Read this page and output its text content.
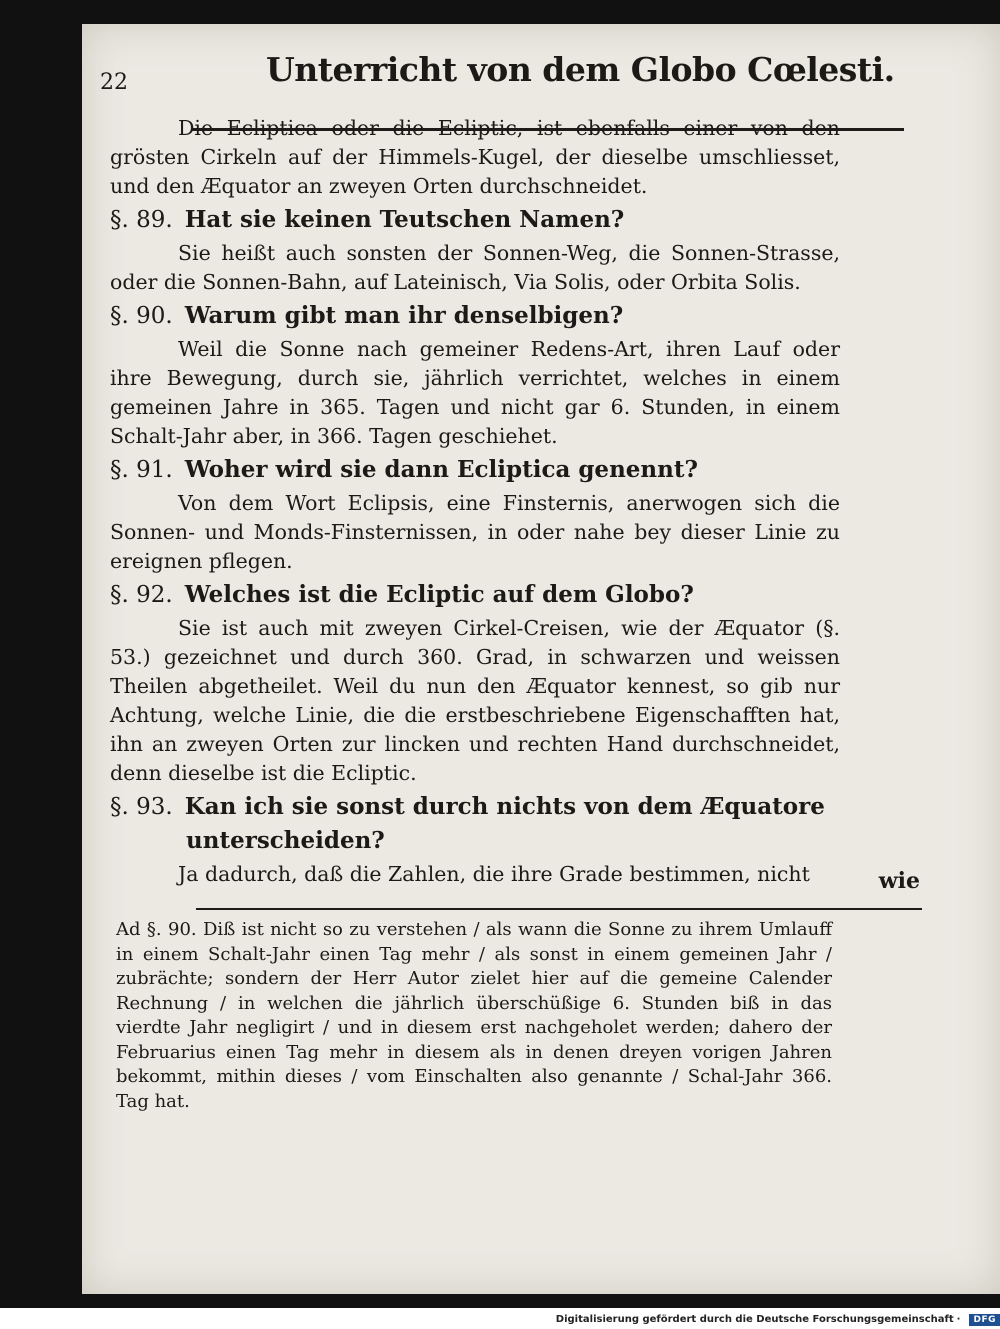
22	Unterricht von dem Globo Cœlesti.

Die Ecliptica oder die Ecliptic, ist ebenfalls einer von den grösten Cirkeln auf der Himmels-Kugel, der dieselbe umschliesset, und den Æquator an zweyen Orten durchschneidet.

§. 89. Hat sie keinen Teutschen Namen?

Sie heißt auch sonsten der Sonnen-Weg, die Sonnen-Strasse, oder die Sonnen-Bahn, auf Lateinisch, Via Solis, oder Orbita Solis.

§. 90. Warum gibt man ihr denselbigen?

Weil die Sonne nach gemeiner Redens-Art, ihren Lauf oder ihre Bewegung, durch sie, jährlich verrichtet, welches in einem gemeinen Jahre in 365. Tagen und nicht gar 6. Stunden, in einem Schalt-Jahr aber, in 366. Tagen geschiehet.

§. 91. Woher wird sie dann Ecliptica genennt?

Von dem Wort Eclipsis, eine Finsternis, anerwogen sich die Sonnen- und Monds-Finsternissen, in oder nahe bey dieser Linie zu ereignen pflegen.

§. 92. Welches ist die Ecliptic auf dem Globo?

Sie ist auch mit zweyen Cirkel-Creisen, wie der Æquator (§. 53.) gezeichnet und durch 360. Grad, in schwarzen und weissen Theilen abgetheilet. Weil du nun den Æquator kennest, so gib nur Achtung, welche Linie, die die erstbeschriebene Eigenschafften hat, ihn an zweyen Orten zur lincken und rechten Hand durchschneidet, denn dieselbe ist die Ecliptic.

§. 93. Kan ich sie sonst durch nichts von dem Æquatore unterscheiden?

Ja dadurch, daß die Zahlen, die ihre Grade bestimmen, nicht	wie
Ad §. 90. Diß ist nicht so zu verstehen / als wann die Sonne zu ihrem Umlauff in einem Schalt-Jahr einen Tag mehr / als sonst in einem gemeinen Jahr / zubrächte; sondern der Herr Autor zielet hier auf die gemeine Calender Rechnung / in welchen die jährlich überschüßige 6. Stunden biß in das vierdte Jahr negligirt / und in diesem erst nachgeholet werden; dahero der Februarius einen Tag mehr in diesem als in denen dreyen vorigen Jahren bekommt, mithin dieses / vom Einschalten also genannte / Schal-Jahr 366. Tag hat.
Digitalisierung gefördert durch die Deutsche Forschungsgemeinschaft ·	DFG
